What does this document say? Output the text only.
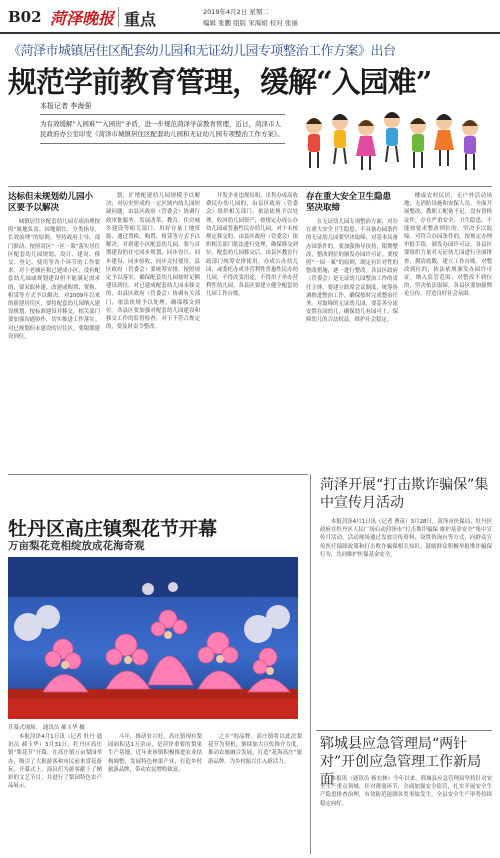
B02 菏泽晚报 重点	2019年4月2日 星期二
编辑 张鹏 组版 宋海娟 校对 张丽
《菏泽市城镇居住区配套幼儿园和无证幼儿园专项整治工作方案》出台
规范学前教育管理，缓解“入园难”
本报记者 李海强
为有效缓解“入园难”“入园贵”矛盾，进一步规范菏泽学前教育管理，近日，菏泽市人民政府办公室印发《菏泽市城镇居住区配套幼儿园和无证幼儿园专项整治工作方案》。
达标但未规划幼儿园小区要予以解决

城镇居住区配套幼儿园专项治理按照“属地负责、因地制宜、分类指导、长效治理”的原则，坚持政府主导、部门联动，按照菏区“一区一策”落实居住区配套幼儿园规划、设计、建设、移交、登记、使用等各个环节的工作要求。对于老城区和已建成小区，没有配套幼儿园或规划建设但不能满足需求的，要采取补建、改建或购置、置换、租赁等方式予以解决。对2009年以来的新建居住区，要将配套幼儿园纳入建设规划，按标准建设并移交。相关部门要加强沟通协作，切实推进工作落实。对已规划但未建设的居住区，要限期建设到位。

划，扩增配建幼儿园规模予以解决；对历史形成的一定区域内幼儿园短缺问题，由县区政府（管委会）协调行政审批服务、发展改革、教育、住房城乡建设等相关部门，用好存量土地资源，通过置换、购置、租赁等方式予以解决。对新建小区配套幼儿园，要与首期建设的住宅同步规划、同步设计、同步建设、同步验收、同步交付使用。县区政府（管委会）要统筹安排，按照规定予以落实，确保配套幼儿园按时足额建设到位。对已建成配套幼儿园未移交的，由县区政府（管委会）协调有关部门，依法依规予以处理，确保移交到位。各县区要加强对配套幼儿园建设和移交工作的监督检查，对于不符合规定的，要及时责令整改。

开发企业违规出租、出售办成高收费民办幼儿园的，由县区政府（管委会）组织相关部门，依法依规予以处理，收回幼儿园资产，按规定办成公办幼儿园或普惠性民办幼儿园。对于未按规定移交的，由县区政府（管委会）组织相关部门依法进行处理，确保移交到位。配套幼儿园移交后，由县区教育行政部门统筹安排使用，办成公办幼儿园，或委托办成非营利性普惠性民办幼儿园，不得改变用途，不得用于举办营利性幼儿园。各县区要建立健全配套幼儿园工作台账。

存在重大安全卫生隐患坚决取缔

在无证幼儿园专项整治方面，对存在重大安全卫生隐患、不具备办园条件的无证幼儿园要坚决取缔；对基本具备办园条件的，要加强指导扶持，限期整改，整改到位的颁发办园许可证。要按照“一园一案”的原则，制定有针对性的整改措施，逐一进行整改。各县区政府（管委会）是无证幼儿园整治工作的责任主体，要建立联席会议制度，统筹协调推进整治工作，确保按时完成整治任务。对取缔的无证幼儿园，要妥善分流安置在园幼儿，确保幼儿有园可上，保障幼儿的合法权益，维护社会稳定。

楼或农村民居，无户外活动场地；无消防设施和安保人员。全面开展整改，教职工配备不足，没有资格证件，存在严重安全、卫生隐患。不能按要求整改到位的，坚决予以取缔。对符合办园条件的，按规定办理审批手续，颁发办园许可证。各县区要组织力量对无证幼儿园进行全面排查，摸清底数，建立工作台账。对整改到位的，依法依规颁发办园许可证，纳入监管范围；对整改不到位的，坚决依法取缔。各县区要加强舆论宣传，营造良好社会氛围。

牡丹区高庄镇梨花节开幕
万亩梨花竞相绽放成花海奇观
开幕式现场。 通讯员 郝玉华 摄

本报菏泽4月1日讯（记者 牡丹 通讯员 郝玉华）3月31日，牡丹区高庄镇“梨花节”开幕，在高庄镇万亩梨园举办，吸引了大批游客和市民前来赏花游玩。开幕式上，演员们为游客献上了精彩的文艺节目，并进行了梨园特色农产品展示。

斗年，推动业兴旺。高庄镇现有梨园面积达1万余亩，是菏泽重要的梨果生产基地，近年来该镇积极推进农业结构调整，发展特色林果产业，打造乡村旅游品牌，带动农民增收致富。

之乡”的品牌。高庄镇将以此次梨花节为契机，继续加大宣传推介力度，推动农旅融合发展，打造“花海高庄”旅游品牌，为乡村振兴注入新活力。

菏泽开展“打击欺诈骗保”集中宣传月活动

本报菏泽4月1日讯（记者 曹苗）3月28日，菏泽市医保局、牡丹区政府在牡丹区人民广场启动菏泽市“打击欺诈骗保 维护基金安全”集中宣传月活动。活动现场通过发放宣传资料、设置咨询台等方式，向群众宣传医疗保障政策和打击欺诈骗保相关知识，鼓励群众积极举报欺诈骗保行为，共同维护医保基金安全。

郓城县应急管理局“两针对”开创应急管理工作新局面

本报讯（通讯员 杨宏林）今年以来，郓城县应急管理局坚持针对安全生产重点领域、针对薄弱环节，全面加强安全监管，扎实开展安全生产隐患排查治理，有效防范遏制各类事故发生，全县安全生产形势持续稳定向好。
